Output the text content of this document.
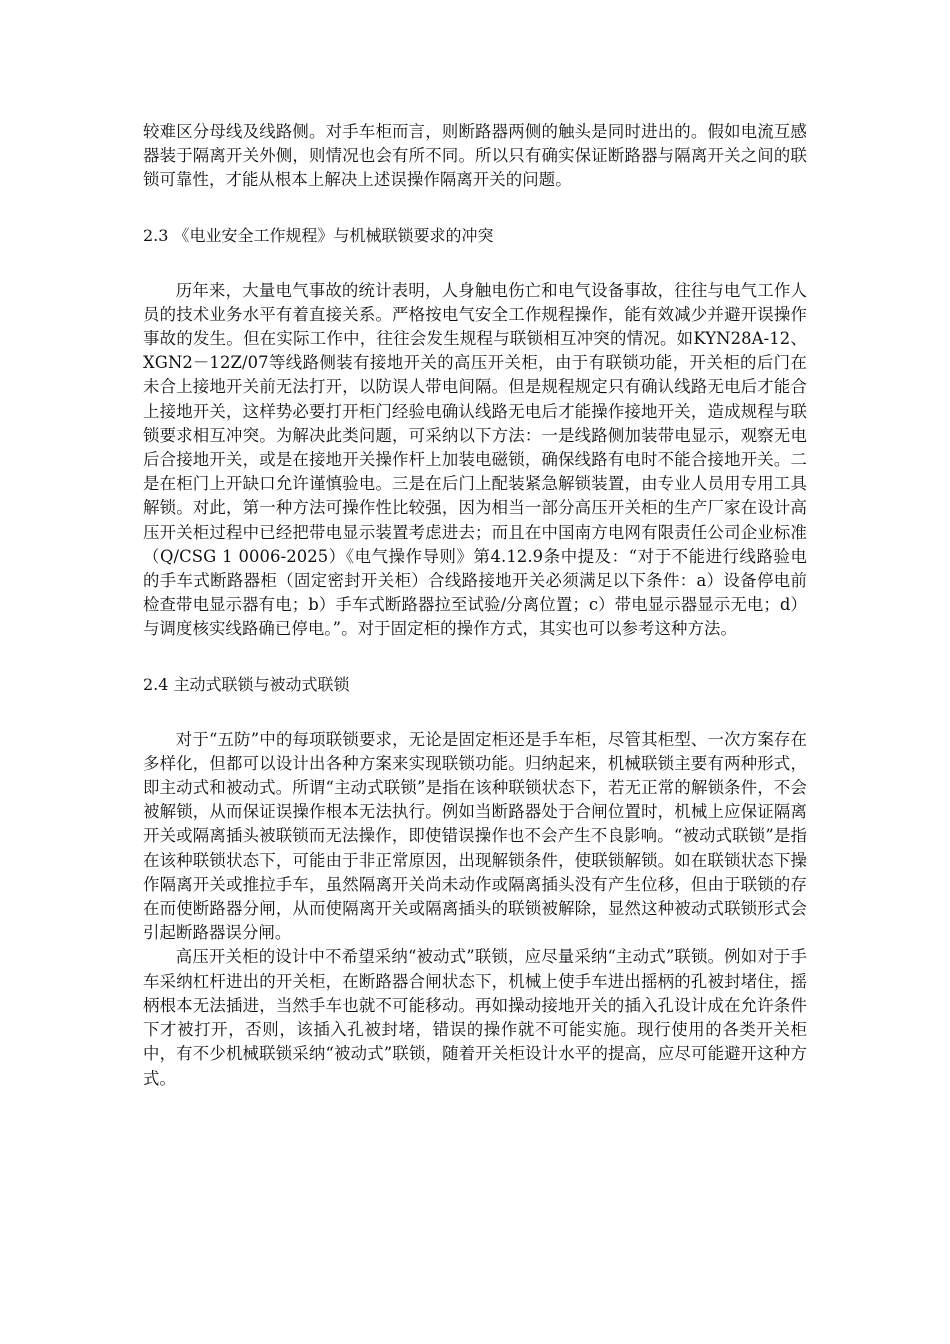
较难区分母线及线路侧。对手车柜而言，则断路器两侧的触头是同时进出的。假如电流互感器装于隔离开关外侧，则情况也会有所不同。所以只有确实保证断路器与隔离开关之间的联锁可靠性，才能从根本上解决上述误操作隔离开关的问题。

2.3 《电业安全工作规程》与机械联锁要求的冲突

历年来，大量电气事故的统计表明，人身触电伤亡和电气设备事故，往往与电气工作人员的技术业务水平有着直接关系。严格按电气安全工作规程操作，能有效减少并避开误操作事故的发生。但在实际工作中，往往会发生规程与联锁相互冲突的情况。如KYN28A-12、XGN2－12Z/07等线路侧装有接地开关的高压开关柜，由于有联锁功能，开关柜的后门在未合上接地开关前无法打开，以防误人带电间隔。但是规程规定只有确认线路无电后才能合上接地开关，这样势必要打开柜门经验电确认线路无电后才能操作接地开关，造成规程与联锁要求相互冲突。为解决此类问题，可采纳以下方法：一是线路侧加装带电显示，观察无电后合接地开关，或是在接地开关操作杆上加装电磁锁，确保线路有电时不能合接地开关。二是在柜门上开缺口允许谨慎验电。三是在后门上配装紧急解锁装置，由专业人员用专用工具解锁。对此，第一种方法可操作性比较强，因为相当一部分高压开关柜的生产厂家在设计高压开关柜过程中已经把带电显示装置考虑进去；而且在中国南方电网有限责任公司企业标准（Q/CSG 1 0006-2025）《电气操作导则》第4.12.9条中提及：“对于不能进行线路验电的手车式断路器柜（固定密封开关柜）合线路接地开关必须满足以下条件：a）设备停电前检查带电显示器有电；b）手车式断路器拉至试验/分离位置；c）带电显示器显示无电；d）与调度核实线路确已停电。”。对于固定柜的操作方式，其实也可以参考这种方法。

2.4 主动式联锁与被动式联锁

对于“五防”中的每项联锁要求，无论是固定柜还是手车柜，尽管其柜型、一次方案存在多样化，但都可以设计出各种方案来实现联锁功能。归纳起来，机械联锁主要有两种形式，即主动式和被动式。所谓“主动式联锁”是指在该种联锁状态下，若无正常的解锁条件，不会被解锁，从而保证误操作根本无法执行。例如当断路器处于合闸位置时，机械上应保证隔离开关或隔离插头被联锁而无法操作，即使错误操作也不会产生不良影响。“被动式联锁”是指在该种联锁状态下，可能由于非正常原因，出现解锁条件，使联锁解锁。如在联锁状态下操作隔离开关或推拉手车，虽然隔离开关尚未动作或隔离插头没有产生位移，但由于联锁的存在而使断路器分闸，从而使隔离开关或隔离插头的联锁被解除，显然这种被动式联锁形式会引起断路器误分闸。

高压开关柜的设计中不希望采纳“被动式”联锁，应尽量采纳“主动式”联锁。例如对于手车采纳杠杆进出的开关柜，在断路器合闸状态下，机械上使手车进出摇柄的孔被封堵住，摇柄根本无法插进，当然手车也就不可能移动。再如操动接地开关的插入孔设计成在允许条件下才被打开，否则，该插入孔被封堵，错误的操作就不可能实施。现行使用的各类开关柜中，有不少机械联锁采纳“被动式”联锁，随着开关柜设计水平的提高，应尽可能避开这种方式。
